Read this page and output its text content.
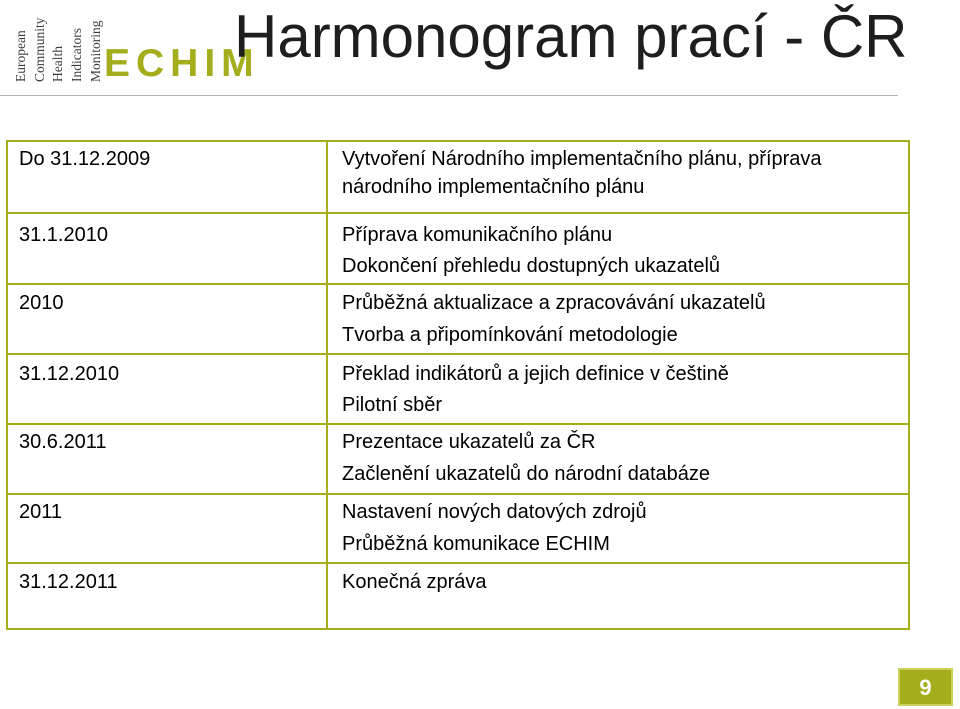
European Community Health Indicators Monitoring ECHIM
Harmonogram prací - ČR
Do 31.12.2009	Vytvoření Národního implementačního plánu, příprava
národního implementačního plánu
31.1.2010	Příprava komunikačního plánu
Dokončení přehledu dostupných ukazatelů
2010	Průběžná aktualizace a zpracovávání ukazatelů
Tvorba a připomínkování metodologie
31.12.2010	Překlad indikátorů a jejich definice v češtině
Pilotní sběr
30.6.2011	Prezentace ukazatelů za ČR
Začlenění ukazatelů do národní databáze
2011	Nastavení nových datových zdrojů
Průběžná komunikace ECHIM
31.12.2011	Konečná zpráva
9
